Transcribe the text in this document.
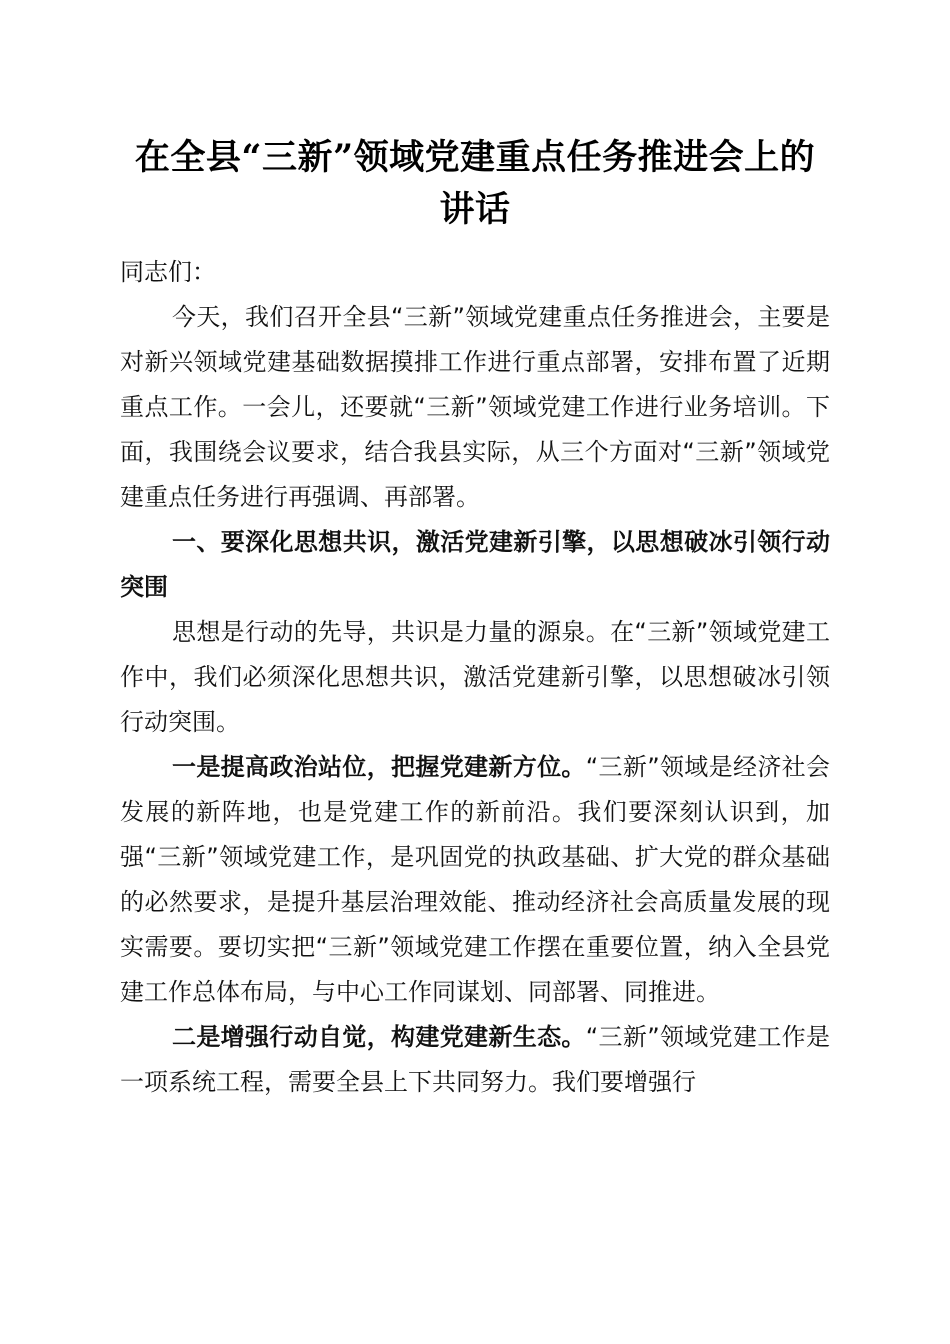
在全县“三新”领域党建重点任务推进会上的
讲话

同志们：

今天，我们召开全县“三新”领域党建重点任务推进会，主要是对新兴领域党建基础数据摸排工作进行重点部署，安排布置了近期重点工作。一会儿，还要就“三新”领域党建工作进行业务培训。下面，我围绕会议要求，结合我县实际，从三个方面对“三新”领域党建重点任务进行再强调、再部署。

一、要深化思想共识，激活党建新引擎，以思想破冰引领行动突围

思想是行动的先导，共识是力量的源泉。在“三新”领域党建工作中，我们必须深化思想共识，激活党建新引擎，以思想破冰引领行动突围。

一是提高政治站位，把握党建新方位。“三新”领域是经济社会发展的新阵地，也是党建工作的新前沿。我们要深刻认识到，加强“三新”领域党建工作，是巩固党的执政基础、扩大党的群众基础的必然要求，是提升基层治理效能、推动经济社会高质量发展的现实需要。要切实把“三新”领域党建工作摆在重要位置，纳入全县党建工作总体布局，与中心工作同谋划、同部署、同推进。

二是增强行动自觉，构建党建新生态。“三新”领域党建工作是一项系统工程，需要全县上下共同努力。我们要增强行
